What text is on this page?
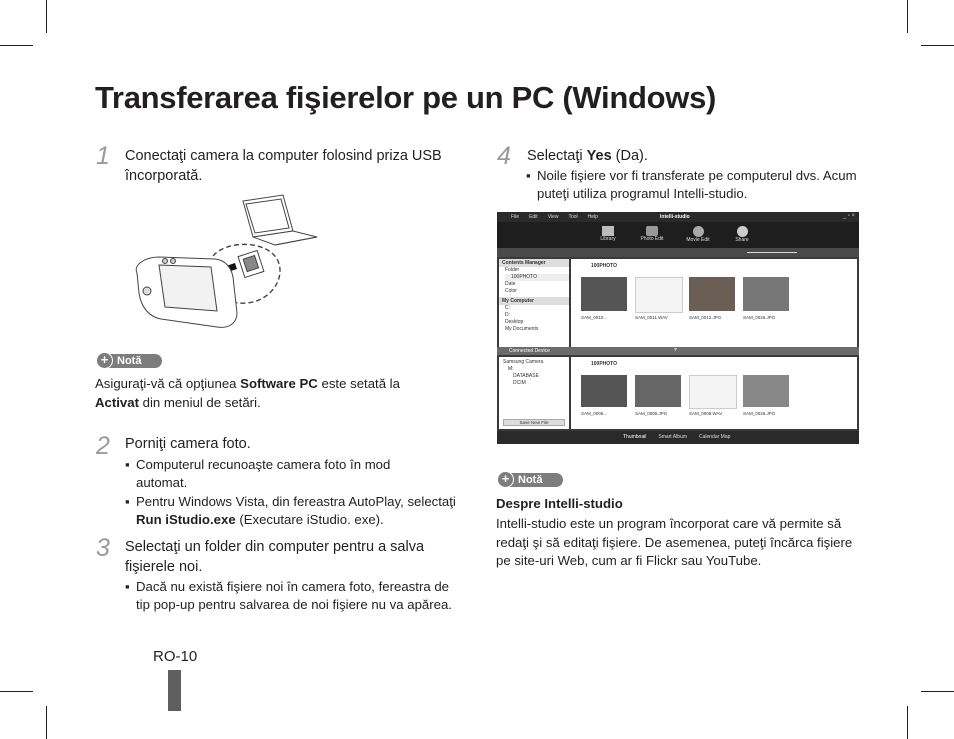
Transferarea fişierelor pe un PC (Windows)
1 Conectaţi camera la computer folosind priza USB încorporată.
+ Notă
Asiguraţi-vă că opţiunea Software PC este setată la
Activat din meniul de setări.
2 Porniţi camera foto.
▪ Computerul recunoaşte camera foto în mod automat.
▪ Pentru Windows Vista, din fereastra AutoPlay, selectaţi Run iStudio.exe (Executare iStudio. exe).
3 Selectaţi un folder din computer pentru a salva fişierele noi.
▪ Dacă nu există fişiere noi în camera foto, fereastra de tip pop-up pentru salvarea de noi fişiere nu va apărea.
RO-10
4 Selectaţi Yes (Da).
▪ Noile fişiere vor fi transferate pe computerul dvs. Acum puteţi utiliza programul Intelli-studio.
File Edit View Tool Help	Intelli-studio	_ ▫ ×
Library	Photo Edit	Movie Edit	Share
Contents Manager
Folder
100PHOTO
Date
Color
My Computer
C:
D:
Desktop
My Documents
100PHOTO
SAM_0010...	SAM_0011.WAV	SAM_0012.JPG	SAM_0026.JPG
Connected Device	▼
Samsung Camera
M:
DATABASE
DCIM
Save New File
100PHOTO
SAM_0006...	SAM_0005.JPG	SAM_0008.WAV	SAM_0026.JPG
Thumbnail Smart Album Calendar Map
+ Notă
Despre Intelli-studio
Intelli-studio este un program încorporat care vă permite să redaţi şi să editaţi fişiere. De asemenea, puteţi încărca fişiere pe site-uri Web, cum ar fi Flickr sau YouTube.
